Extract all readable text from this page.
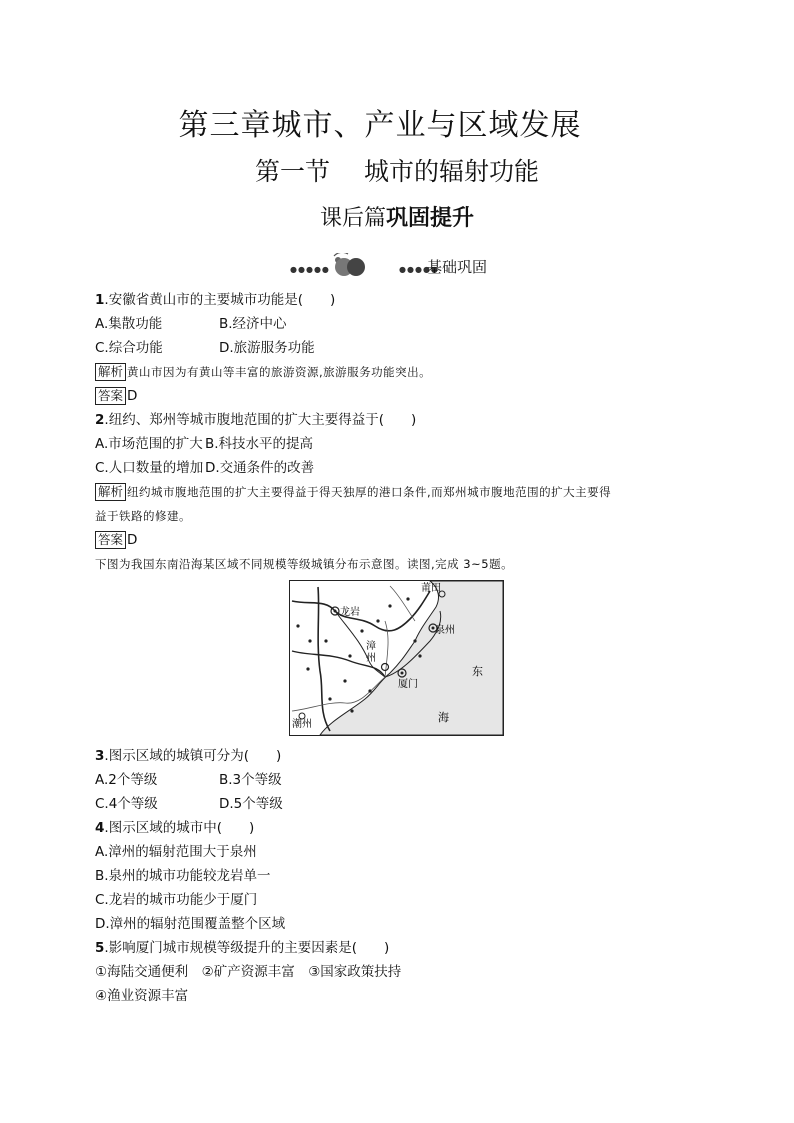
第三章城市、产业与区域发展
第一节 城市的辐射功能
课后篇巩固提升
●●●●●	●●●●●
基础巩固
1.安徽省黄山市的主要城市功能是(　　)
A.集散功能	B.经济中心
C.综合功能	D.旅游服务功能
解析 黄山市因为有黄山等丰富的旅游资源,旅游服务功能突出。
答案 D
2.纽约、郑州等城市腹地范围的扩大主要得益于(　　)
A.市场范围的扩大 B.科技水平的提高
C.人口数量的增加 D.交通条件的改善
解析 纽约城市腹地范围的扩大主要得益于得天独厚的港口条件,而郑州城市腹地范围的扩大主要得
益于铁路的修建。
答案 D
下图为我国东南沿海某区域不同规模等级城镇分布示意图。读图,完成 3~5题。
龙岩
莆田
泉州
漳
州
厦门
潮州
东
海
3.图示区域的城镇可分为(　　)
A.2个等级	B.3个等级
C.4个等级	D.5个等级
4.图示区域的城市中(　　)
A.漳州的辐射范围大于泉州
B.泉州的城市功能较龙岩单一
C.龙岩的城市功能少于厦门
D.漳州的辐射范围覆盖整个区域
5.影响厦门城市规模等级提升的主要因素是(　　)
①海陆交通便利　②矿产资源丰富　③国家政策扶持
④渔业资源丰富
